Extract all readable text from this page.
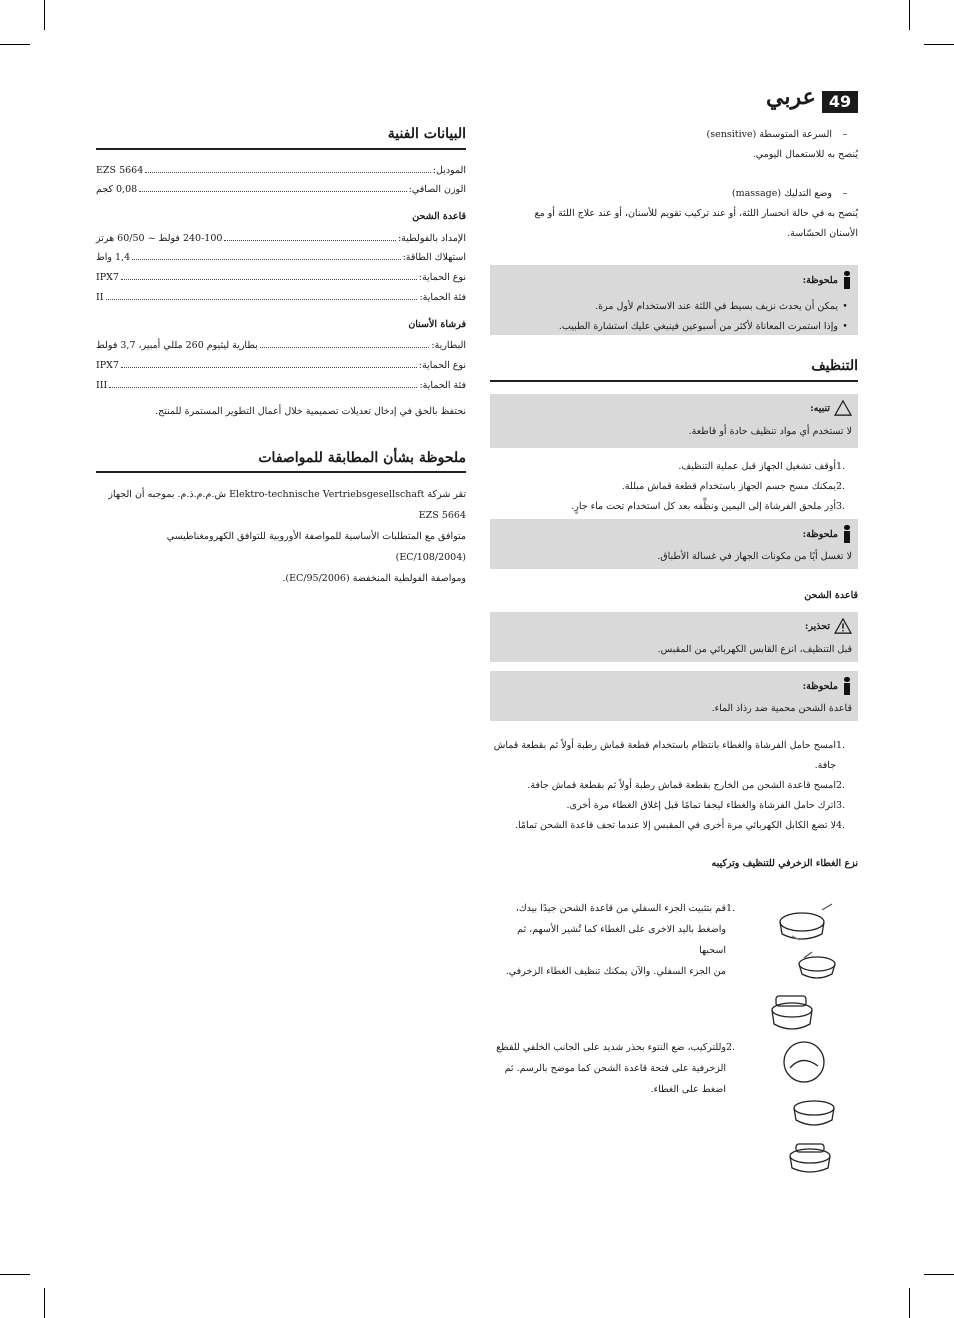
49
عربي
البيانات الفنية
الموديل:
EZS 5664
الوزن الصافي:
0,08 كجم
قاعدة الشحن
الإمداد بالفولطية:
240-100 فولط ~ 60/50 هرتز
استهلاك الطاقة:
1,4 واط
نوع الحماية:
IPX7
فئة الحماية:
II
فرشاة الأسنان
البطارية:
بطارية ليثيوم 260 مللي أمبير، 3,7 فولط
نوع الحماية:
IPX7
فئة الحماية:
III
نحتفظ بالحق في إدخال تعديلات تصميمية خلال أعمال التطوير المستمرة للمنتج.
ملحوظة بشأن المطابقة للمواصفات
تقر شركة Elektro-technische Vertriebsgesellschaft ش.م.م.ذ.م. بموجبه أن الجهاز EZS 5664
متوافق مع المتطلبات الأساسية للمواصفة الأوروبية للتوافق الكهرومغناطيسي (EC/108/2004)
ومواصفة الفولطية المنخفضة (EC/95/2006).
–
السرعة المتوسطة (sensitive)
يُنصح به للاستعمال اليومي.
–
وضع التدليك (massage)
يُنصح به في حالة انحسار اللثة، أو عند تركيب تقويم للأسنان، أو عند علاج اللثة أو مع
الأسنان الحسّاسة.
ملحوظة:
•
يمكن أن يحدث نزيف بسيط في اللثة عند الاستخدام لأول مرة.
•
وإذا استمرت المعاناة لأكثر من أسبوعين فينبغي عليك استشارة الطبيب.
التنظيف
تنبيه:
لا تستخدم أي مواد تنظيف حادة أو قاطعة.
1.
أوقف تشغيل الجهاز قبل عملية التنظيف.
2.
يمكنك مسح جسم الجهاز باستخدام قطعة قماش مبللة.
3.
أدِر ملحق الفرشاة إلى اليمين ونظِّفه بعد كل استخدام تحت ماء جارٍ.
ملحوظة:
لا تغسل أيًا من مكونات الجهاز في غسالة الأطباق.
قاعدة الشحن
تحذير:
قبل التنظيف، انزع القابس الكهربائي من المقبس.
ملحوظة:
قاعدة الشحن محمية ضد رذاذ الماء.
1.
امسح حامل الفرشاة والغطاء بانتظام باستخدام قطعة قماش رطبة أولاً ثم بقطعة قماش
جافة.
2.
امسح قاعدة الشحن من الخارج بقطعة قماش رطبة أولاً ثم بقطعة قماش جافة.
3.
اترك حامل الفرشاة والغطاء ليجفا تمامًا قبل إغلاق الغطاء مرة أخرى.
4.
لا تضع الكابل الكهربائي مرة أخرى في المقبس إلا عندما تجف قاعدة الشحن تمامًا.
نزع الغطاء الزخرفي للتنظيف وتركيبه
1.
قم بتثبيت الجزء السفلي من قاعدة الشحن جيدًا بيدك،
واضغط باليد الاخرى على الغطاء كما تُشير الأسهم، ثم اسحبها
من الجزء السفلي. والآن يمكنك تنظيف الغطاء الزخرفي.
2.
وللتركيب، ضع النتوء بحذر شديد على الجانب الخلفي للقطع
الزخرفية على فتحة قاعدة الشحن كما موضح بالرسم. ثم
اضغط على الغطاء.
